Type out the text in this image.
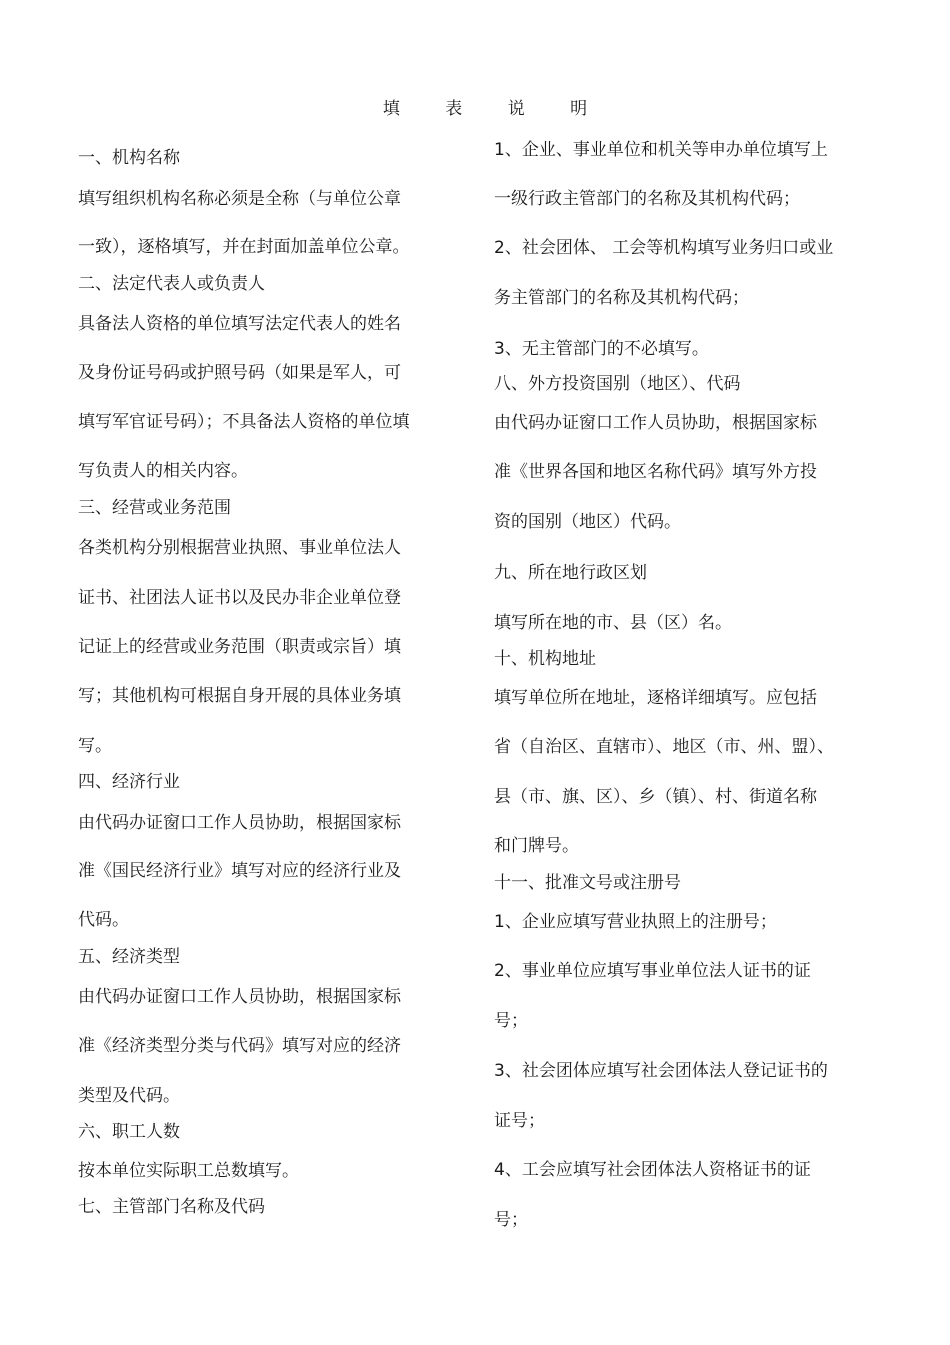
填 表 说 明
一、机构名称
填写组织机构名称必须是全称（与单位公章
一致），逐格填写，并在封面加盖单位公章。
二、法定代表人或负责人
具备法人资格的单位填写法定代表人的姓名
及身份证号码或护照号码（如果是军人，可
填写军官证号码）；不具备法人资格的单位填
写负责人的相关内容。
三、经营或业务范围
各类机构分别根据营业执照、事业单位法人
证书、社团法人证书以及民办非企业单位登
记证上的经营或业务范围（职责或宗旨）填
写；其他机构可根据自身开展的具体业务填
写。
四、经济行业
由代码办证窗口工作人员协助，根据国家标
准《国民经济行业》填写对应的经济行业及
代码。
五、经济类型
由代码办证窗口工作人员协助，根据国家标
准《经济类型分类与代码》填写对应的经济
类型及代码。
六、职工人数
按本单位实际职工总数填写。
七、主管部门名称及代码
1、企业、事业单位和机关等申办单位填写上
一级行政主管部门的名称及其机构代码；
2、社会团体、 工会等机构填写业务归口或业
务主管部门的名称及其机构代码；
3、无主管部门的不必填写。
八、外方投资国别（地区）、代码
由代码办证窗口工作人员协助，根据国家标
准《世界各国和地区名称代码》填写外方投
资的国别（地区）代码。
九、所在地行政区划
填写所在地的市、县（区）名。
十、机构地址
填写单位所在地址，逐格详细填写。应包括
省（自治区、直辖市）、地区（市、州、盟）、
县（市、旗、区）、乡（镇）、村、街道名称
和门牌号。
十一、批准文号或注册号
1、企业应填写营业执照上的注册号；
2、事业单位应填写事业单位法人证书的证
号；
3、社会团体应填写社会团体法人登记证书的
证号；
4、工会应填写社会团体法人资格证书的证
号；
